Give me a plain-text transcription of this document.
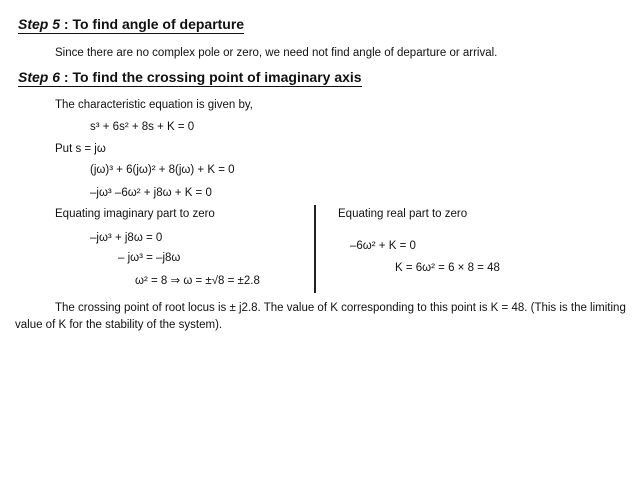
Step 5 : To find angle of departure
Since there are no complex pole or zero, we need not find angle of departure or arrival.
Step 6 : To find the crossing point of imaginary axis
The characteristic equation is given by,
s³ + 6s² + 8s + K = 0
Put s = jω
(jω)³ + 6(jω)² + 8(jω) + K = 0
–jω³ –6ω² + j8ω + K = 0
Equating imaginary part to zero	Equating real part to zero
–jω³ + j8ω = 0
– jω³ = –j8ω
ω² = 8 ⇒ ω = ±√8 = ±2.8
–6ω² + K = 0
K = 6ω² = 6 × 8 = 48
The crossing point of root locus is ± j2.8. The value of K corresponding to this point is K = 48. (This is the limiting value of K for the stability of the system).
